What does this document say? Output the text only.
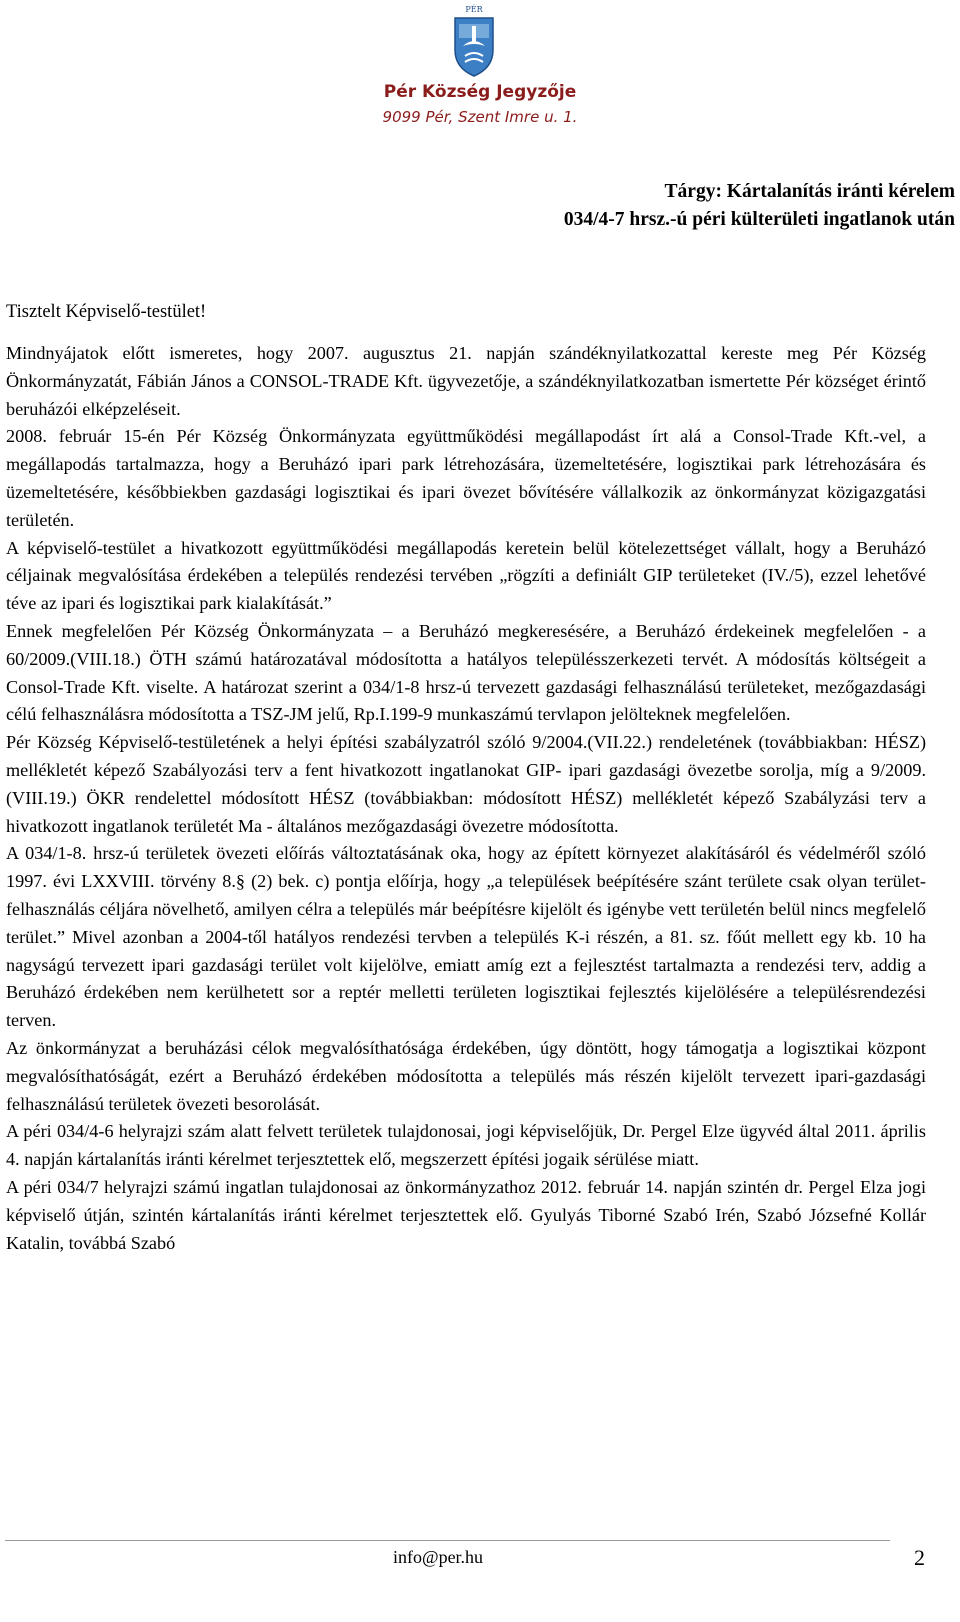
PÉR
Pér Község Jegyzője
9099 Pér, Szent Imre u. 1.
Tárgy: Kártalanítás iránti kérelem
034/4-7 hrsz.-ú péri külterületi ingatlanok után
Tisztelt Képviselő-testület!

Mindnyájatok előtt ismeretes, hogy 2007. augusztus 21. napján szándéknyilatkozattal kereste meg Pér Község Önkormányzatát, Fábián János a CONSOL-TRADE Kft. ügyvezetője, a szándéknyilatkozatban ismertette Pér községet érintő beruházói elképzeléseit.

2008. február 15-én Pér Község Önkormányzata együttműködési megállapodást írt alá a Consol-Trade Kft.-vel, a megállapodás tartalmazza, hogy a Beruházó ipari park létrehozására, üzemeltetésére, logisztikai park létrehozására és üzemeltetésére, későbbiekben gazdasági logisztikai és ipari övezet bővítésére vállalkozik az önkormányzat közigazgatási területén.

A képviselő-testület a hivatkozott együttműködési megállapodás keretein belül kötelezettséget vállalt, hogy a Beruházó céljainak megvalósítása érdekében a település rendezési tervében „rögzíti a definiált GIP területeket (IV./5), ezzel lehetővé téve az ipari és logisztikai park kialakítását.”

Ennek megfelelően Pér Község Önkormányzata – a Beruházó megkeresésére, a Beruházó érdekeinek megfelelően - a 60/2009.(VIII.18.) ÖTH számú határozatával módosította a hatályos településszerkezeti tervét. A módosítás költségeit a Consol-Trade Kft. viselte. A határozat szerint a 034/1-8 hrsz-ú tervezett gazdasági felhasználású területeket, mezőgazdasági célú felhasználásra módosította a TSZ-JM jelű, Rp.I.199-9 munkaszámú tervlapon jelölteknek megfelelően.

Pér Község Képviselő-testületének a helyi építési szabályzatról szóló 9/2004.(VII.22.) rendeletének (továbbiakban: HÉSZ) mellékletét képező Szabályozási terv a fent hivatkozott ingatlanokat GIP- ipari gazdasági övezetbe sorolja, míg a 9/2009. (VIII.19.) ÖKR rendelettel módosított HÉSZ (továbbiakban: módosított HÉSZ) mellékletét képező Szabályzási terv a hivatkozott ingatlanok területét Ma - általános mezőgazdasági övezetre módosította.

A 034/1-8. hrsz-ú területek övezeti előírás változtatásának oka, hogy az épített környezet alakításáról és védelméről szóló 1997. évi LXXVIII. törvény 8.§ (2) bek. c) pontja előírja, hogy „a települések beépítésére szánt területe csak olyan terület-felhasználás céljára növelhető, amilyen célra a település már beépítésre kijelölt és igénybe vett területén belül nincs megfelelő terület.” Mivel azonban a 2004-től hatályos rendezési tervben a település K-i részén, a 81. sz. főút mellett egy kb. 10 ha nagyságú tervezett ipari gazdasági terület volt kijelölve, emiatt amíg ezt a fejlesztést tartalmazta a rendezési terv, addig a Beruházó érdekében nem kerülhetett sor a reptér melletti területen logisztikai fejlesztés kijelölésére a településrendezési terven.

Az önkormányzat a beruházási célok megvalósíthatósága érdekében, úgy döntött, hogy támogatja a logisztikai központ megvalósíthatóságát, ezért a Beruházó érdekében módosította a település más részén kijelölt tervezett ipari-gazdasági felhasználású területek övezeti besorolását.

A péri 034/4-6 helyrajzi szám alatt felvett területek tulajdonosai, jogi képviselőjük, Dr. Pergel Elze ügyvéd által 2011. április 4. napján kártalanítás iránti kérelmet terjesztettek elő, megszerzett építési jogaik sérülése miatt.

A péri 034/7 helyrajzi számú ingatlan tulajdonosai az önkormányzathoz 2012. február 14. napján szintén dr. Pergel Elza jogi képviselő útján, szintén kártalanítás iránti kérelmet terjesztettek elő. Gyulyás Tiborné Szabó Irén, Szabó Józsefné Kollár Katalin, továbbá Szabó

info@per.hu	2
